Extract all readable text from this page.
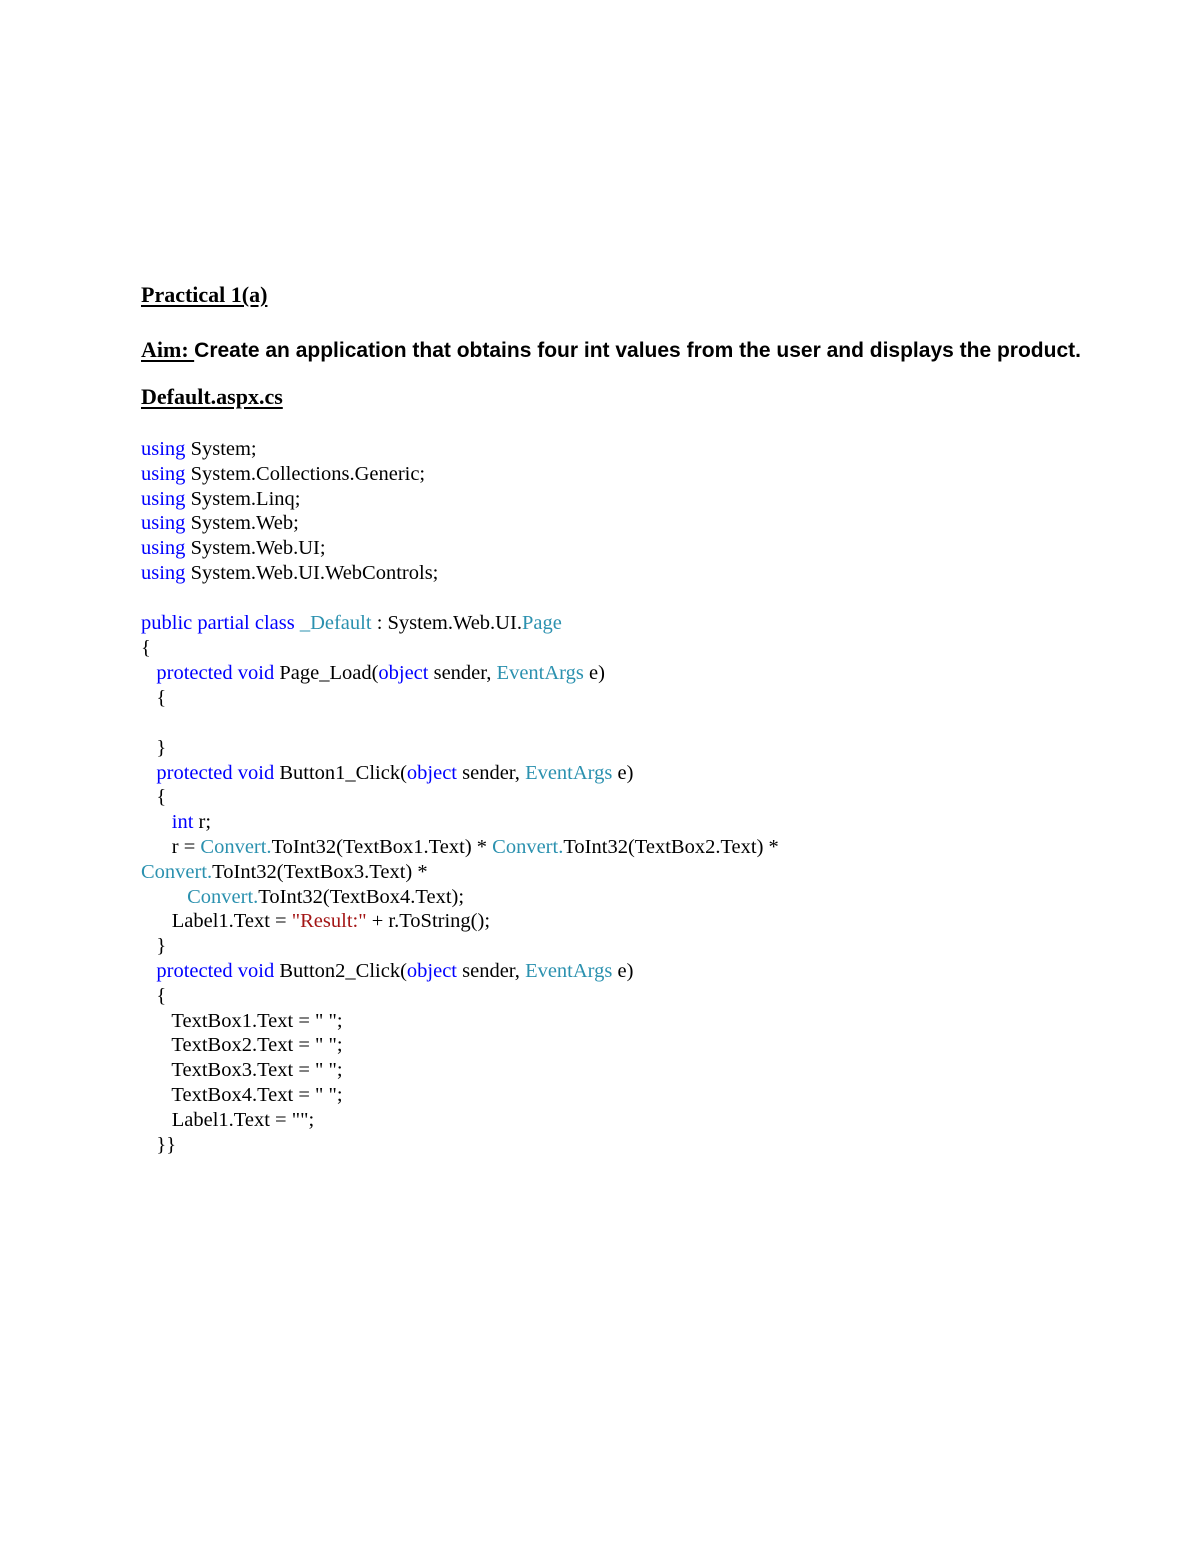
Practical 1(a)
Aim: Create an application that obtains four int values from the user and displays the product.
Default.aspx.cs
using System;
using System.Collections.Generic;
using System.Linq;
using System.Web;
using System.Web.UI;
using System.Web.UI.WebControls;
public partial class _Default : System.Web.UI.Page
{
protected void Page_Load(object sender, EventArgs e)
{
}
protected void Button1_Click(object sender, EventArgs e)
{
int r;
r = Convert.ToInt32(TextBox1.Text) * Convert.ToInt32(TextBox2.Text) *
Convert.ToInt32(TextBox3.Text) *
Convert.ToInt32(TextBox4.Text);
Label1.Text = "Result:" + r.ToString();
}
protected void Button2_Click(object sender, EventArgs e)
{
TextBox1.Text = " ";
TextBox2.Text = " ";
TextBox3.Text = " ";
TextBox4.Text = " ";
Label1.Text = "";
}}
